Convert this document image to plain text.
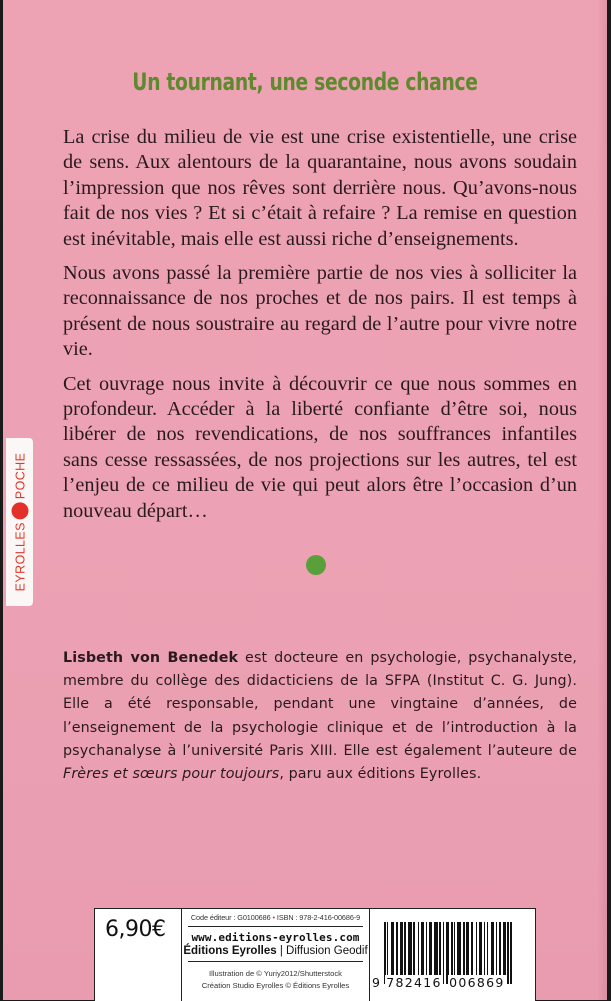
Un tournant, une seconde chance

La crise du milieu de vie est une crise existentielle, une crise de sens. Aux alentours de la quarantaine, nous avons soudain l’impression que nos rêves sont derrière nous. Qu’avons-nous fait de nos vies ? Et si c’était à refaire ? La remise en question est inévitable, mais elle est aussi riche d’enseignements.

Nous avons passé la première partie de nos vies à solliciter la reconnaissance de nos proches et de nos pairs. Il est temps à présent de nous soustraire au regard de l’autre pour vivre notre vie.

Cet ouvrage nous invite à découvrir ce que nous sommes en profondeur. Accéder à la liberté confiante d’être soi, nous libérer de nos revendications, de nos souffrances infantiles sans cesse ressassées, de nos projections sur les autres, tel est l’enjeu de ce milieu de vie qui peut alors être l’occasion d’un nouveau départ…

EYROLLES
POCHE
Lisbeth von Benedek est docteure en psychologie, psychanalyste, membre du collège des didacticiens de la SFPA (Institut C. G. Jung). Elle a été responsable, pendant une vingtaine d’années, de l’enseignement de la psychologie clinique et de l’introduction à la psychanalyse à l’université Paris XIII. Elle est également l’auteure de Frères et sœurs pour toujours, paru aux éditions Eyrolles.
6,90€	Code éditeur : G0100686 • ISBN : 978-2-416-00686-9
www.editions-eyrolles.com
Éditions Eyrolles | Diffusion Geodif
Illustration de © Yuriy2012/Shutterstock
Création Studio Eyrolles © Éditions Eyrolles	9 782416 006869
